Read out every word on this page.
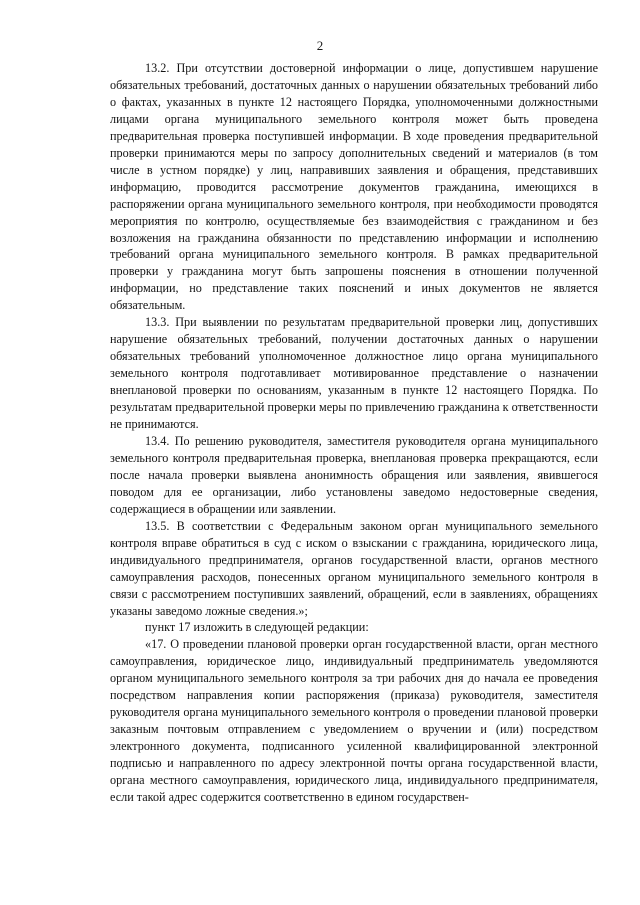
2

13.2. При отсутствии достоверной информации о лице, допустившем нарушение обязательных требований, достаточных данных о нарушении обязательных требований либо о фактах, указанных в пункте 12 настоящего Порядка, уполномоченными должностными лицами органа муниципального земельного контроля может быть проведена предварительная проверка поступившей информации. В ходе проведения предварительной проверки принимаются меры по запросу дополнительных сведений и материалов (в том числе в устном порядке) у лиц, направивших заявления и обращения, представивших информацию, проводится рассмотрение документов гражданина, имеющихся в распоряжении органа муниципального земельного контроля, при необходимости проводятся мероприятия по контролю, осуществляемые без взаимодействия с гражданином и без возложения на гражданина обязанности по представлению информации и исполнению требований органа муниципального земельного контроля. В рамках предварительной проверки у гражданина могут быть запрошены пояснения в отношении полученной информации, но представление таких пояснений и иных документов не является обязательным.

13.3. При выявлении по результатам предварительной проверки лиц, допустивших нарушение обязательных требований, получении достаточных данных о нарушении обязательных требований уполномоченное должностное лицо органа муниципального земельного контроля подготавливает мотивированное представление о назначении внеплановой проверки по основаниям, указанным в пункте 12 настоящего Порядка. По результатам предварительной проверки меры по привлечению гражданина к ответственности не принимаются.

13.4. По решению руководителя, заместителя руководителя органа муниципального земельного контроля предварительная проверка, внеплановая проверка прекращаются, если после начала проверки выявлена анонимность обращения или заявления, явившегося поводом для ее организации, либо установлены заведомо недостоверные сведения, содержащиеся в обращении или заявлении.

13.5. В соответствии с Федеральным законом орган муниципального земельного контроля вправе обратиться в суд с иском о взыскании с гражданина, юридического лица, индивидуального предпринимателя, органов государственной власти, органов местного самоуправления расходов, понесенных органом муниципального земельного контроля в связи с рассмотрением поступивших заявлений, обращений, если в заявлениях, обращениях указаны заведомо ложные сведения.»;

пункт 17 изложить в следующей редакции:

«17. О проведении плановой проверки орган государственной власти, орган местного самоуправления, юридическое лицо, индивидуальный предприниматель уведомляются органом муниципального земельного контроля за три рабочих дня до начала ее проведения посредством направления копии распоряжения (приказа) руководителя, заместителя руководителя органа муниципального земельного контроля о проведении плановой проверки заказным почтовым отправлением с уведомлением о вручении и (или) посредством электронного документа, подписанного усиленной квалифицированной электронной подписью и направленного по адресу электронной почты органа государственной власти, органа местного самоуправления, юридического лица, индивидуального предпринимателя, если такой адрес содержится соответственно в едином государствен-
